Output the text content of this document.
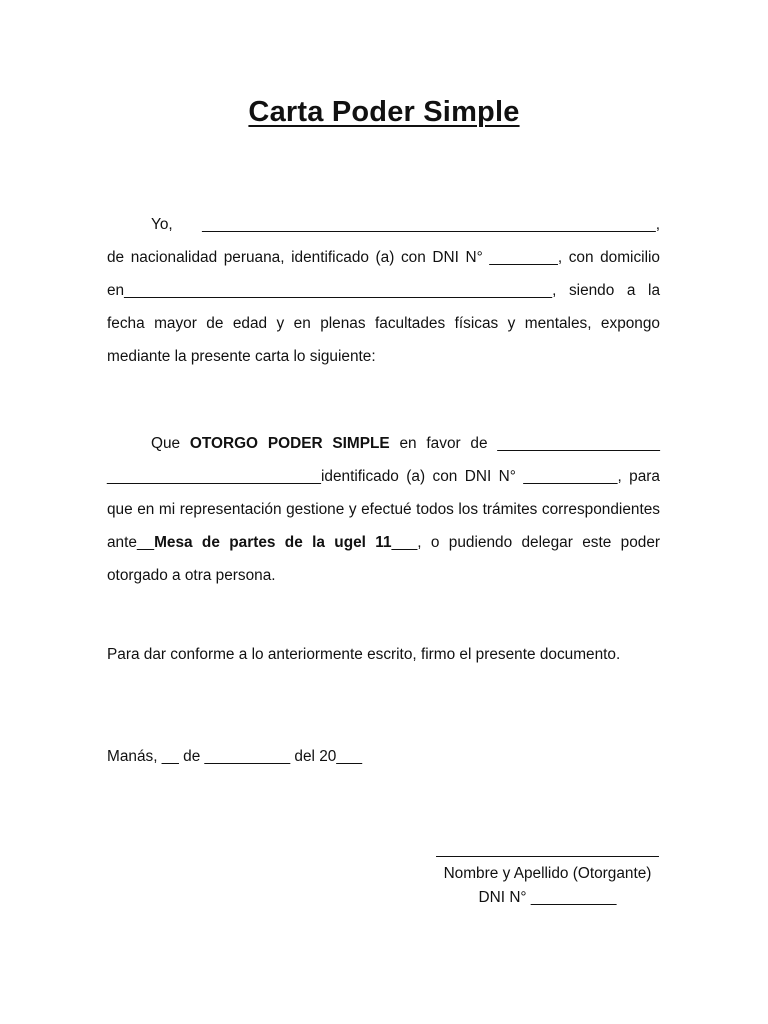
Carta Poder Simple
Yo, _____________________________________________________, de nacionalidad peruana, identificado (a) con DNI N° ________, con domicilio en__________________________________________________, siendo a la fecha mayor de edad y en plenas facultades físicas y mentales, expongo mediante la presente carta lo siguiente:
Que OTORGO PODER SIMPLE en favor de ___________________ _________________________identificado (a) con DNI N° ___________, para que en mi representación gestione y efectué todos los trámites correspondientes ante__Mesa de partes de la ugel 11___, o pudiendo delegar este poder otorgado a otra persona.
Para dar conforme a lo anteriormente escrito, firmo el presente documento.
Manás, __ de __________ del 20___
__________________________
Nombre y Apellido (Otorgante)
DNI N° __________
